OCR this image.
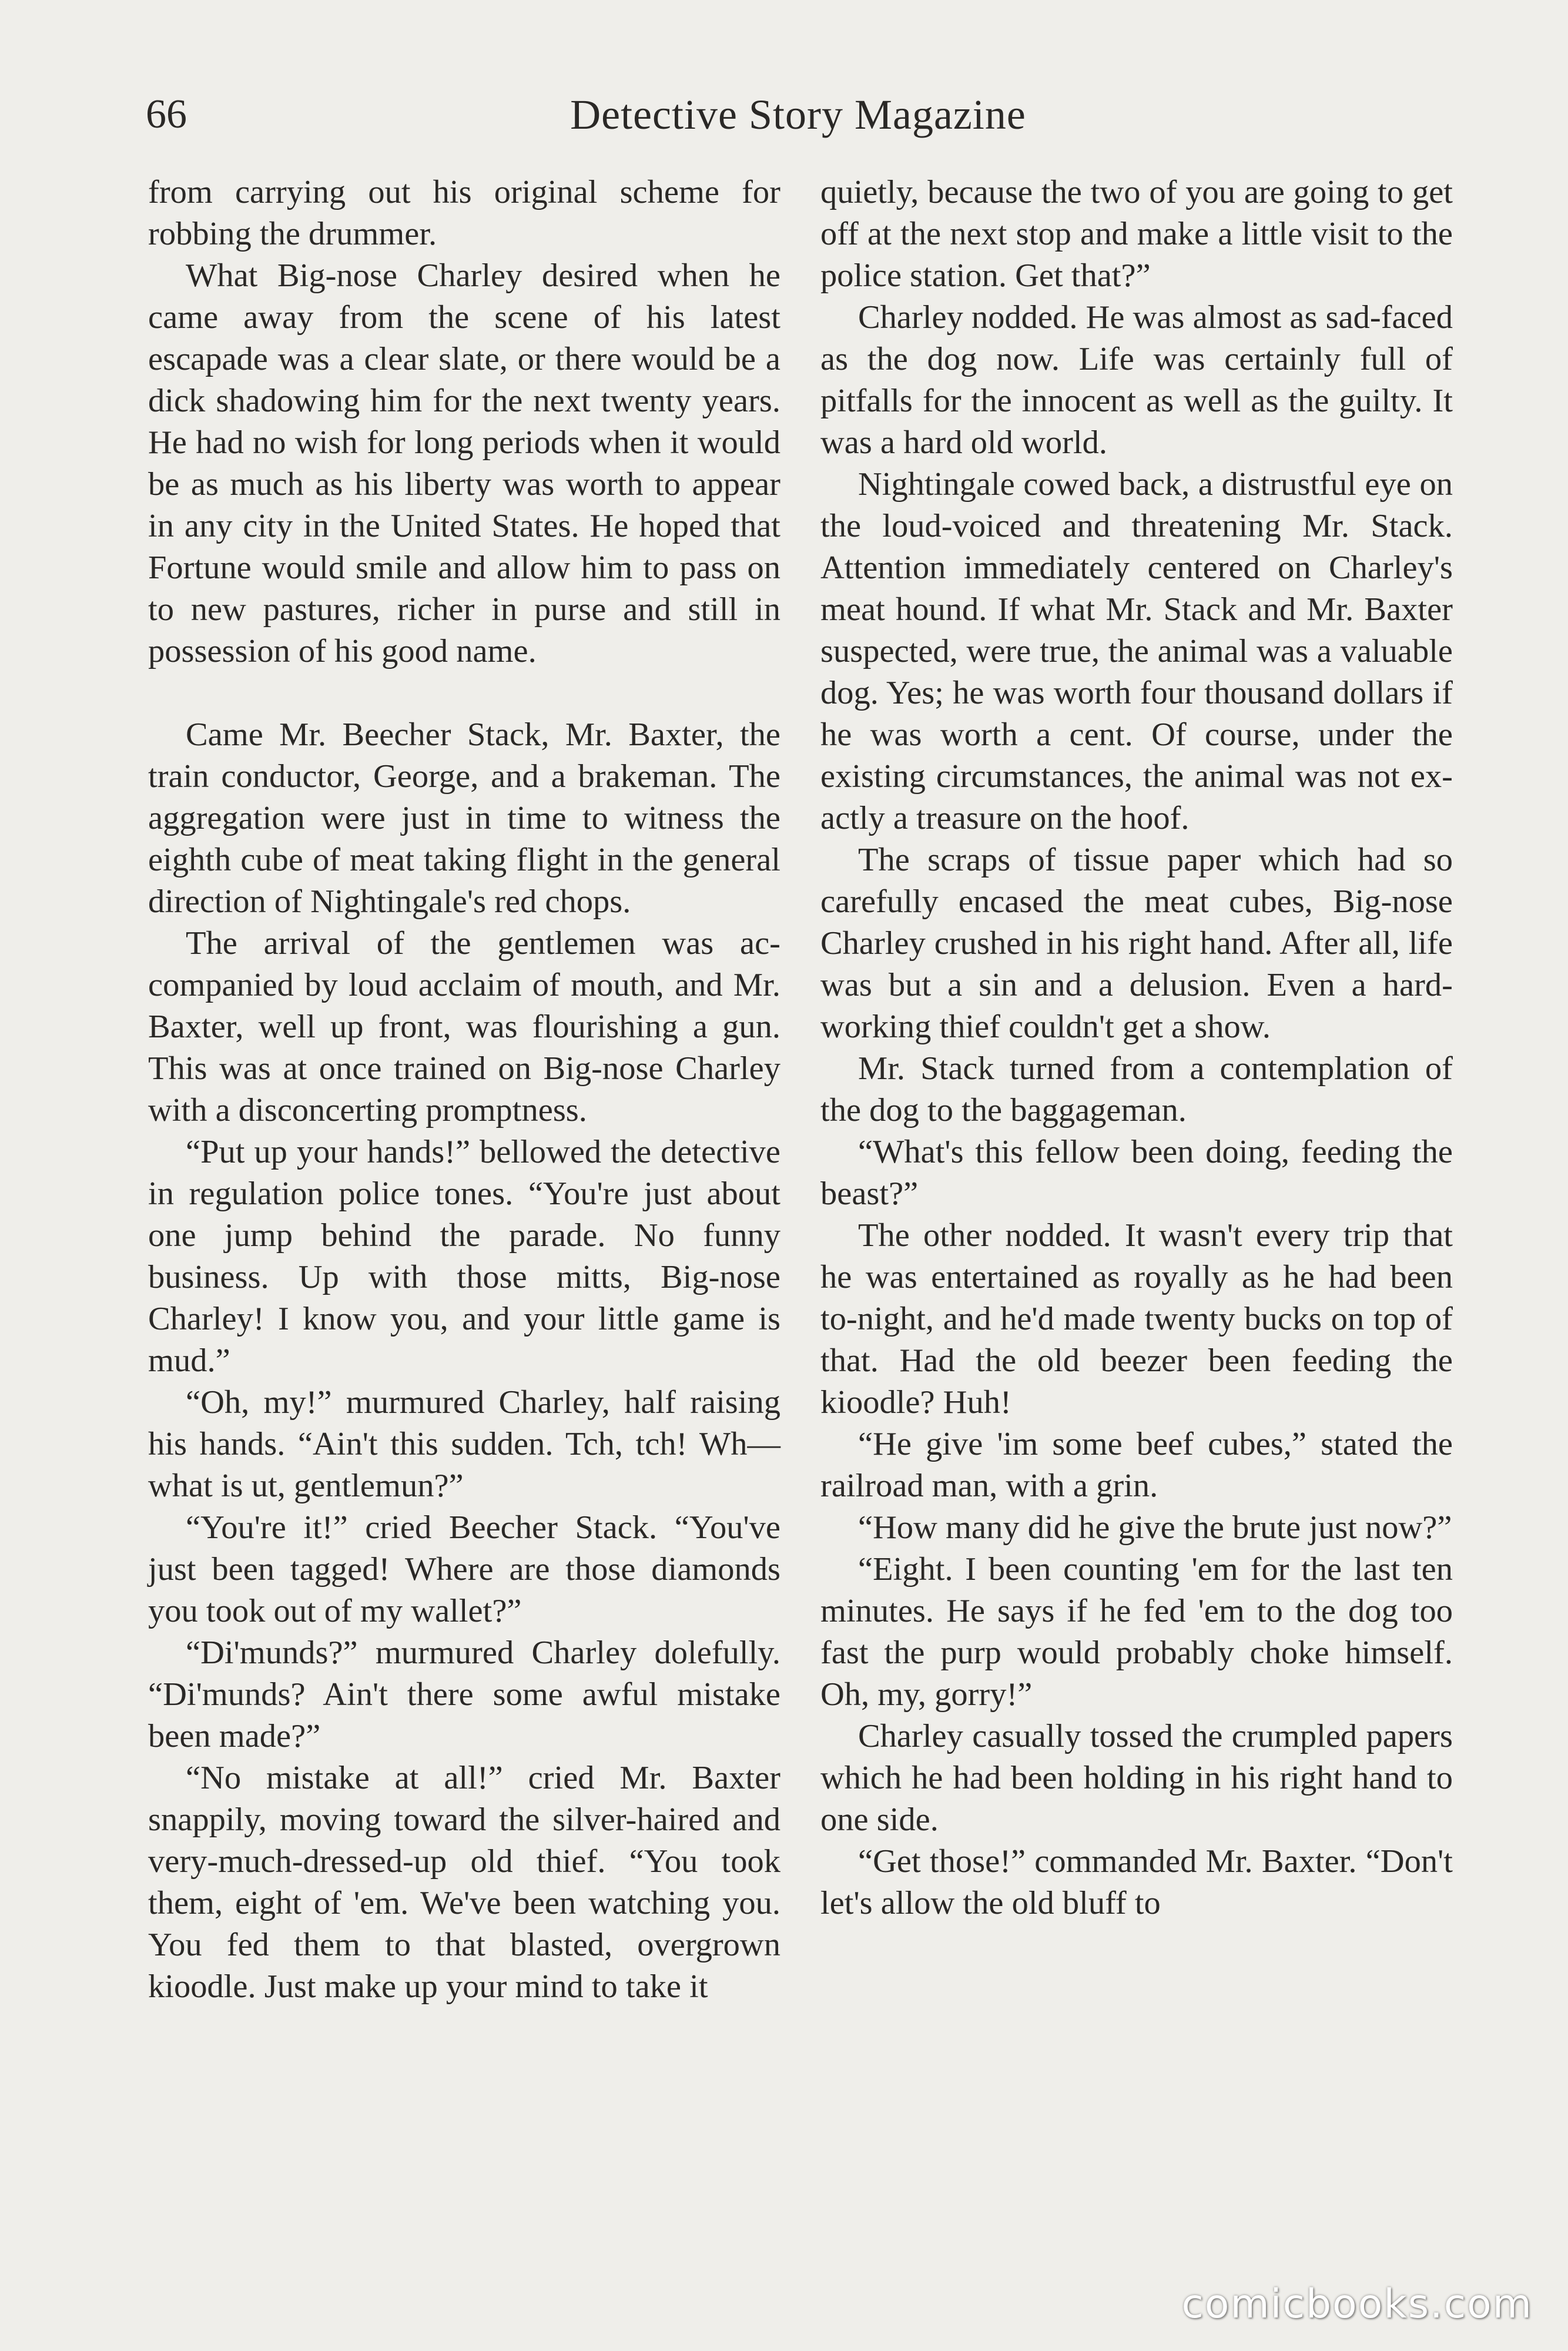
66	Detective Story Magazine

from carrying out his original scheme for robbing the drummer.

What Big-nose Charley desired when he came away from the scene of his latest escapade was a clear slate, or there would be a dick shadowing him for the next twenty years. He had no wish for long periods when it would be as much as his liberty was worth to appear in any city in the United States. He hoped that Fortune would smile and allow him to pass on to new pastures, richer in purse and still in possession of his good name.

Came Mr. Beecher Stack, Mr. Baxter, the train conductor, George, and a brakeman. The aggregation were just in time to witness the eighth cube of meat taking flight in the general direction of Nightingale's red chops.

The arrival of the gentlemen was accompanied by loud acclaim of mouth, and Mr. Baxter, well up front, was flourishing a gun. This was at once trained on Big-nose Charley with a disconcerting promptness.

“Put up your hands!” bellowed the detective in regulation police tones. “You're just about one jump behind the parade. No funny business. Up with those mitts, Big-nose Charley! I know you, and your little game is mud.”

“Oh, my!” murmured Charley, half raising his hands. “Ain't this sudden. Tch, tch! Wh—what is ut, gentlemun?”

“You're it!” cried Beecher Stack. “You've just been tagged! Where are those diamonds you took out of my wallet?”

“Di'munds?” murmured Charley dolefully. “Di'munds? Ain't there some awful mistake been made?”

“No mistake at all!” cried Mr. Baxter snappily, moving toward the silver-haired and very-much-dressed-up old thief. “You took them, eight of 'em. We've been watching you. You fed them to that blasted, overgrown kioodle. Just make up your mind to take it

quietly, because the two of you are going to get off at the next stop and make a little visit to the police station. Get that?”

Charley nodded. He was almost as sad-faced as the dog now. Life was certainly full of pitfalls for the innocent as well as the guilty. It was a hard old world.

Nightingale cowed back, a distrustful eye on the loud-voiced and threatening Mr. Stack. Attention immediately centered on Charley's meat hound. If what Mr. Stack and Mr. Baxter suspected, were true, the animal was a valuable dog. Yes; he was worth four thousand dollars if he was worth a cent. Of course, under the existing circumstances, the animal was not exactly a treasure on the hoof.

The scraps of tissue paper which had so carefully encased the meat cubes, Big-nose Charley crushed in his right hand. After all, life was but a sin and a delusion. Even a hard-working thief couldn't get a show.

Mr. Stack turned from a contemplation of the dog to the baggageman.

“What's this fellow been doing, feeding the beast?”

The other nodded. It wasn't every trip that he was entertained as royally as he had been to-night, and he'd made twenty bucks on top of that. Had the old beezer been feeding the kioodle? Huh!

“He give 'im some beef cubes,” stated the railroad man, with a grin.

“How many did he give the brute just now?”

“Eight. I been counting 'em for the last ten minutes. He says if he fed 'em to the dog too fast the purp would probably choke himself. Oh, my, gorry!”

Charley casually tossed the crumpled papers which he had been holding in his right hand to one side.

“Get those!” commanded Mr. Baxter. “Don't let's allow the old bluff to

comicbooks.com
